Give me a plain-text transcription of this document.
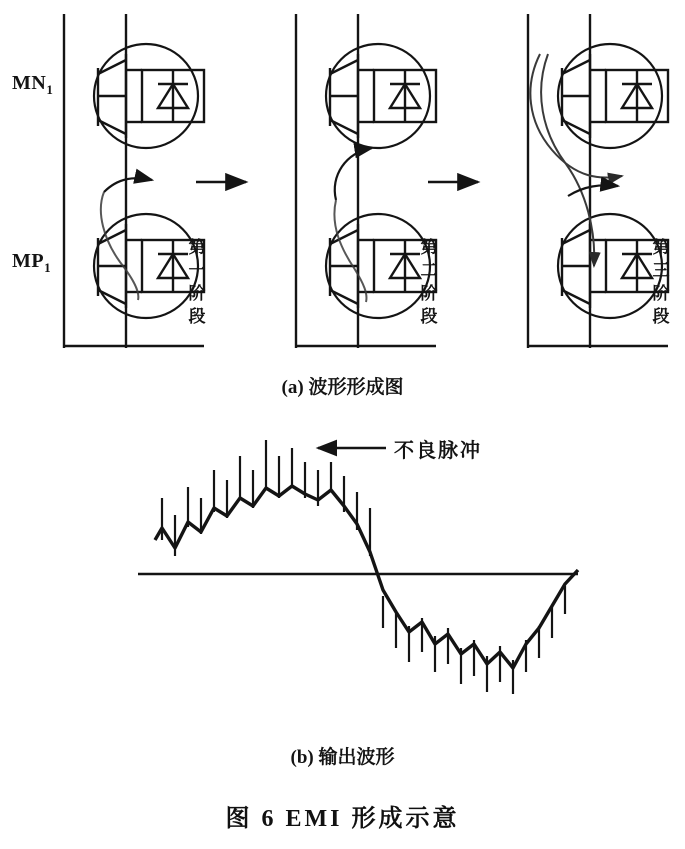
$MN_1$
$MP_1$
第一阶段
第二阶段
第三阶段
(a) 波形形成图
不良脉冲
(b) 输出波形
图 6 EMI 形成示意
